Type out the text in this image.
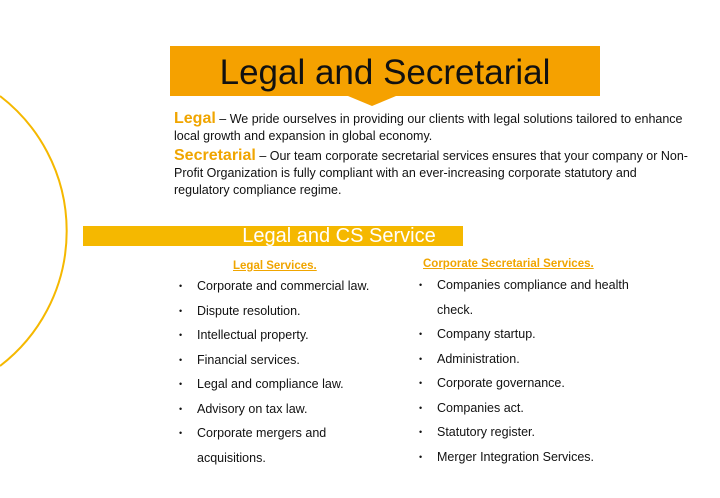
Legal and Secretarial

Legal – We pride ourselves in providing our clients with legal solutions tailored to enhance local growth and expansion in global economy.

Secretarial – Our team corporate secretarial services ensures that your company or Non-Profit Organization is fully compliant with an ever-increasing corporate statutory and regulatory compliance regime.

Legal and CS Service
Legal Services.	Corporate Secretarial Services.
• Corporate and commercial law.
• Dispute resolution.
• Intellectual property.
• Financial services.
• Legal and compliance law.
• Advisory on tax law.
• Corporate mergers and acquisitions.
• Companies compliance and health check.
• Company startup.
• Administration.
• Corporate governance.
• Companies act.
• Statutory register.
• Merger Integration Services.
